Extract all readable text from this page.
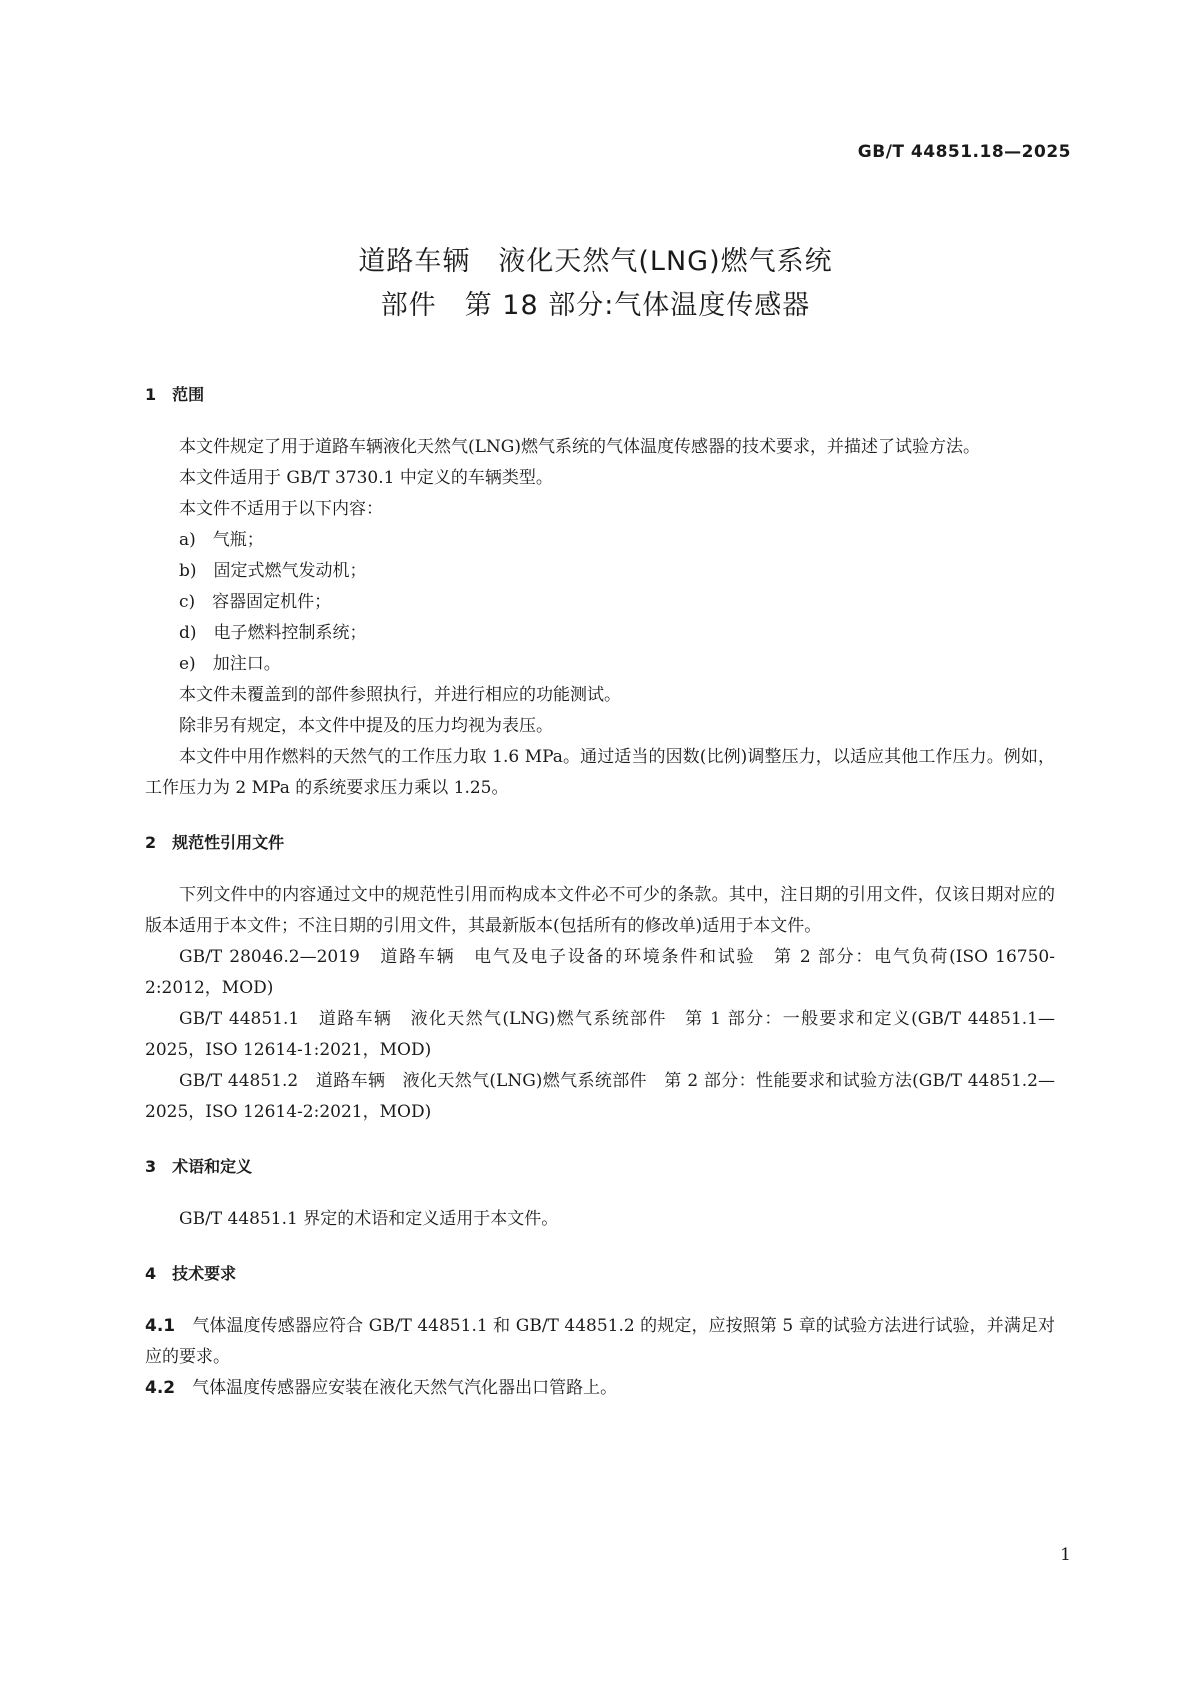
GB/T 44851.18—2025
道路车辆　液化天然气(LNG)燃气系统
部件　第 18 部分:气体温度传感器
1　范围

本文件规定了用于道路车辆液化天然气(LNG)燃气系统的气体温度传感器的技术要求，并描述了试验方法。

本文件适用于 GB/T 3730.1 中定义的车辆类型。

本文件不适用于以下内容：

a)　气瓶；

b)　固定式燃气发动机；

c)　容器固定机件；

d)　电子燃料控制系统；

e)　加注口。

本文件未覆盖到的部件参照执行，并进行相应的功能测试。

除非另有规定，本文件中提及的压力均视为表压。

本文件中用作燃料的天然气的工作压力取 1.6 MPa。通过适当的因数(比例)调整压力，以适应其他工作压力。例如，工作压力为 2 MPa 的系统要求压力乘以 1.25。

2　规范性引用文件

下列文件中的内容通过文中的规范性引用而构成本文件必不可少的条款。其中，注日期的引用文件，仅该日期对应的版本适用于本文件；不注日期的引用文件，其最新版本(包括所有的修改单)适用于本文件。

GB/T 28046.2—2019　道路车辆　电气及电子设备的环境条件和试验　第 2 部分：电气负荷(ISO 16750-2:2012，MOD)

GB/T 44851.1　道路车辆　液化天然气(LNG)燃气系统部件　第 1 部分：一般要求和定义(GB/T 44851.1—2025，ISO 12614-1:2021，MOD)

GB/T 44851.2　道路车辆　液化天然气(LNG)燃气系统部件　第 2 部分：性能要求和试验方法(GB/T 44851.2—2025，ISO 12614-2:2021，MOD)

3　术语和定义

GB/T 44851.1 界定的术语和定义适用于本文件。

4　技术要求

4.1　 气体温度传感器应符合 GB/T 44851.1 和 GB/T 44851.2 的规定，应按照第 5 章的试验方法进行试验，并满足对应的要求。

4.2　 气体温度传感器应安装在液化天然气汽化器出口管路上。

1
